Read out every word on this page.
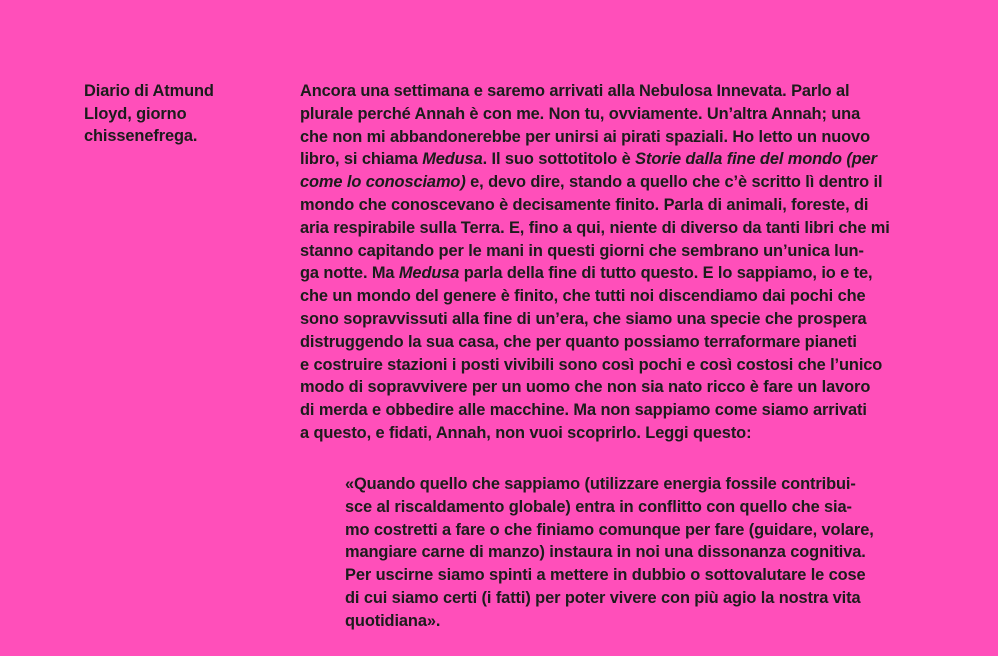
Diario di Atmund
Lloyd, giorno
chissenefrega.
Ancora una settimana e saremo arrivati alla Nebulosa Innevata. Parlo al
plurale perché Annah è con me. Non tu, ovviamente. Un’altra Annah; una
che non mi abbandonerebbe per unirsi ai pirati spaziali. Ho letto un nuovo
libro, si chiama Medusa. Il suo sottotitolo è Storie dalla fine del mondo (per
come lo conosciamo) e, devo dire, stando a quello che c’è scritto lì dentro il
mondo che conoscevano è decisamente finito. Parla di animali, foreste, di
aria respirabile sulla Terra. E, fino a qui, niente di diverso da tanti libri che mi
stanno capitando per le mani in questi giorni che sembrano un’unica lun-
ga notte. Ma Medusa parla della fine di tutto questo. E lo sappiamo, io e te,
che un mondo del genere è finito, che tutti noi discendiamo dai pochi che
sono sopravvissuti alla fine di un’era, che siamo una specie che prospera
distruggendo la sua casa, che per quanto possiamo terraformare pianeti
e costruire stazioni i posti vivibili sono così pochi e così costosi che l’unico
modo di sopravvivere per un uomo che non sia nato ricco è fare un lavoro
di merda e obbedire alle macchine. Ma non sappiamo come siamo arrivati
a questo, e fidati, Annah, non vuoi scoprirlo. Leggi questo:
«Quando quello che sappiamo (utilizzare energia fossile contribui-
sce al riscaldamento globale) entra in conflitto con quello che sia-
mo costretti a fare o che finiamo comunque per fare (guidare, volare,
mangiare carne di manzo) instaura in noi una dissonanza cognitiva.
Per uscirne siamo spinti a mettere in dubbio o sottovalutare le cose
di cui siamo certi (i fatti) per poter vivere con più agio la nostra vita
quotidiana».
